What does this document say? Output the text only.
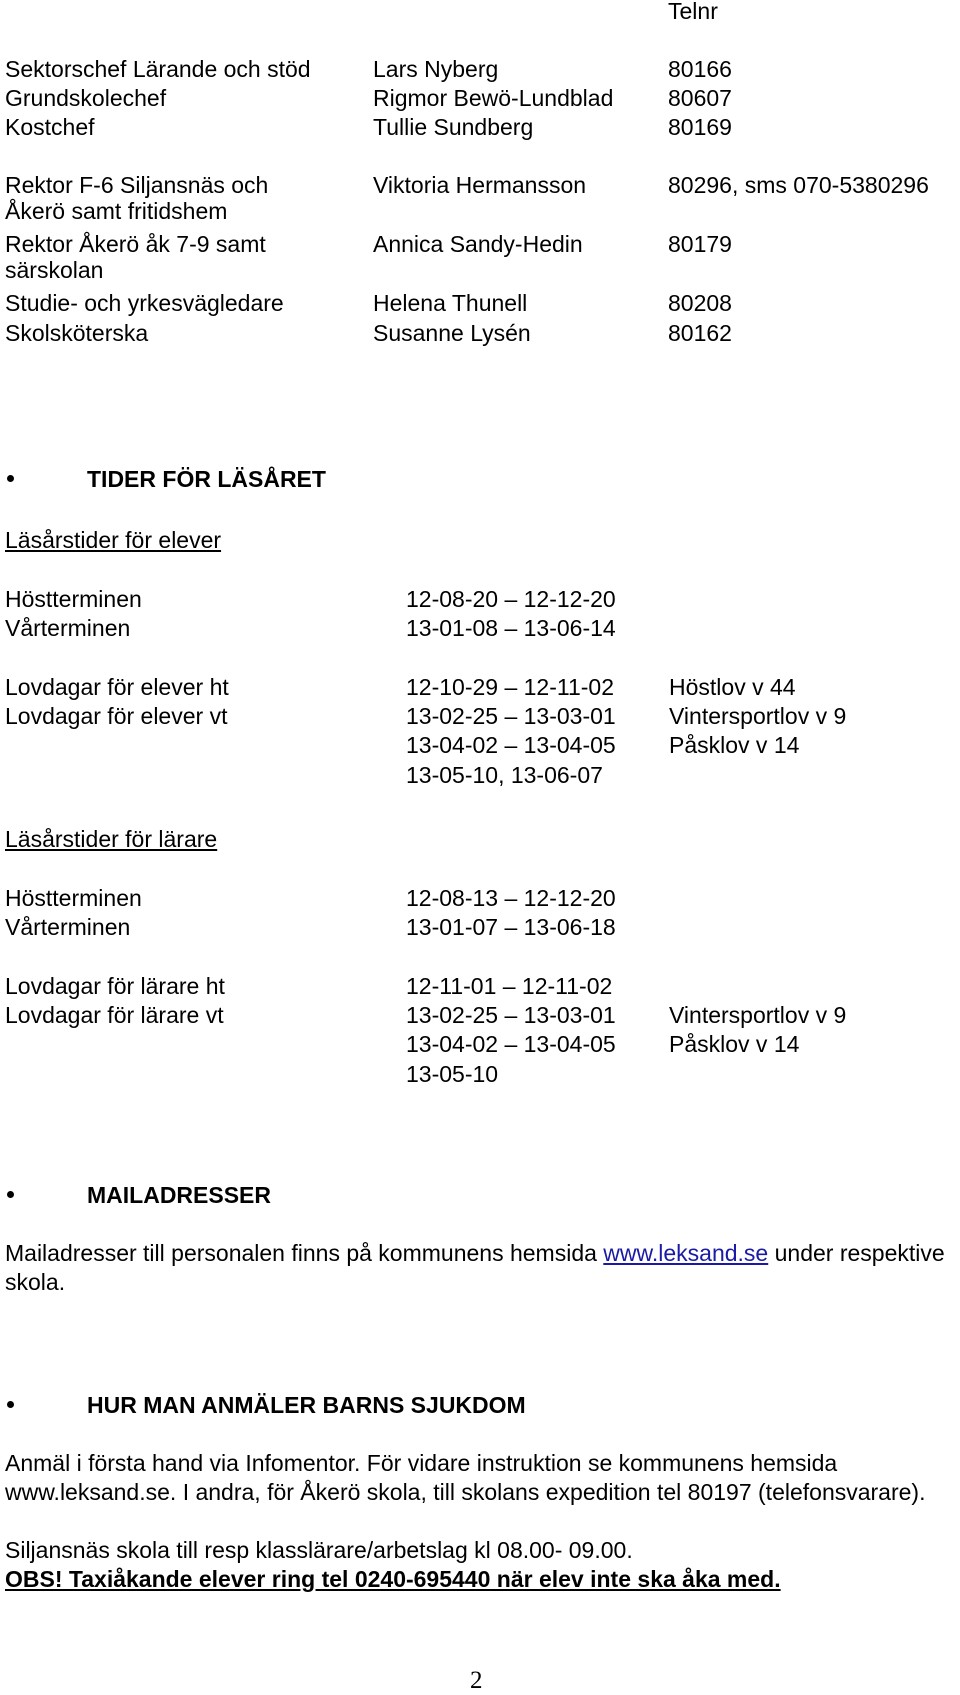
Telnr
Sektorschef Lärande och stöd	Lars Nyberg	80166
Grundskolechef	Rigmor Bewö-Lundblad 80607
Kostchef	Tullie Sundberg	80169
Rektor F-6 Siljansnäs och
Åkerö samt fritidshem
Viktoria Hermansson	80296, sms 070-5380296
Rektor Åkerö åk 7-9 samt
särskolan
Annica Sandy-Hedin	80179
Studie- och yrkesvägledare	Helena Thunell	80208
Skolsköterska	Susanne Lysén	80162
TIDER FÖR LÄSÅRET
Läsårstider för elever
Höstterminen	12-08-20 – 12-12-20
Vårterminen	13-01-08 – 13-06-14
Lovdagar för elever ht	12-10-29 – 12-11-02 Höstlov v 44
Lovdagar för elever vt	13-02-25 – 13-03-01 Vintersportlov v 9
13-04-02 – 13-04-05 Påsklov v 14
13-05-10, 13-06-07
Läsårstider för lärare
Höstterminen	12-08-13 – 12-12-20
Vårterminen	13-01-07 – 13-06-18
Lovdagar för lärare ht	12-11-01 – 12-11-02
Lovdagar för lärare vt	13-02-25 – 13-03-01 Vintersportlov v 9
13-04-02 – 13-04-05 Påsklov v 14
13-05-10
MAILADRESSER
Mailadresser till personalen finns på kommunens hemsida www.leksand.se under respektive skola.
HUR MAN ANMÄLER BARNS SJUKDOM
Anmäl i första hand via Infomentor. För vidare instruktion se kommunens hemsida www.leksand.se. I andra, för Åkerö skola, till skolans expedition tel 80197 (telefonsvarare).
Siljansnäs skola till resp klasslärare/arbetslag kl 08.00- 09.00.
OBS! Taxiåkande elever ring tel 0240-695440 när elev inte ska åka med.
2
